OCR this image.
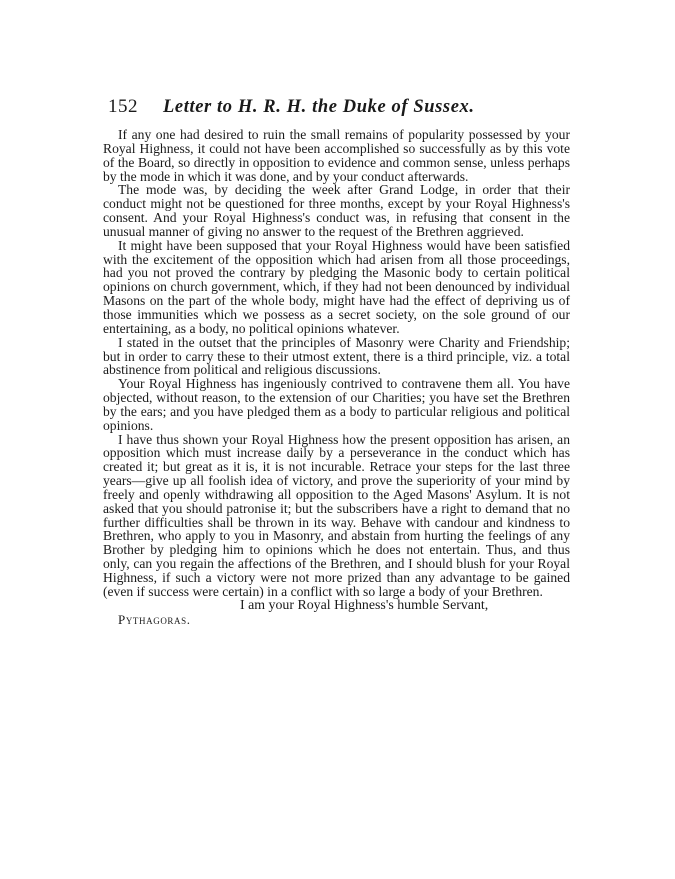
152 Letter to H. R. H. the Duke of Sussex.

If any one had desired to ruin the small remains of popularity possessed by your Royal Highness, it could not have been accomplished so successfully as by this vote of the Board, so directly in opposition to evidence and common sense, unless perhaps by the mode in which it was done, and by your conduct afterwards.

The mode was, by deciding the week after Grand Lodge, in order that their conduct might not be questioned for three months, except by your Royal Highness's consent. And your Royal Highness's conduct was, in refusing that consent in the unusual manner of giving no answer to the request of the Brethren aggrieved.

It might have been supposed that your Royal Highness would have been satisfied with the excitement of the opposition which had arisen from all those proceedings, had you not proved the contrary by pledging the Masonic body to certain political opinions on church government, which, if they had not been denounced by individual Masons on the part of the whole body, might have had the effect of depriving us of those immunities which we possess as a secret society, on the sole ground of our entertaining, as a body, no political opinions whatever.

I stated in the outset that the principles of Masonry were Charity and Friendship; but in order to carry these to their utmost extent, there is a third principle, viz. a total abstinence from political and religious discussions.

Your Royal Highness has ingeniously contrived to contravene them all. You have objected, without reason, to the extension of our Charities; you have set the Brethren by the ears; and you have pledged them as a body to particular religious and political opinions.

I have thus shown your Royal Highness how the present opposition has arisen, an opposition which must increase daily by a perseverance in the conduct which has created it; but great as it is, it is not incurable. Retrace your steps for the last three years—give up all foolish idea of victory, and prove the superiority of your mind by freely and openly withdrawing all opposition to the Aged Masons' Asylum. It is not asked that you should patronise it; but the subscribers have a right to demand that no further difficulties shall be thrown in its way. Behave with candour and kindness to Brethren, who apply to you in Masonry, and abstain from hurting the feelings of any Brother by pledging him to opinions which he does not entertain. Thus, and thus only, can you regain the affections of the Brethren, and I should blush for your Royal Highness, if such a victory were not more prized than any advantage to be gained (even if success were certain) in a conflict with so large a body of your Brethren.

I am your Royal Highness's humble Servant,

Pythagoras.
